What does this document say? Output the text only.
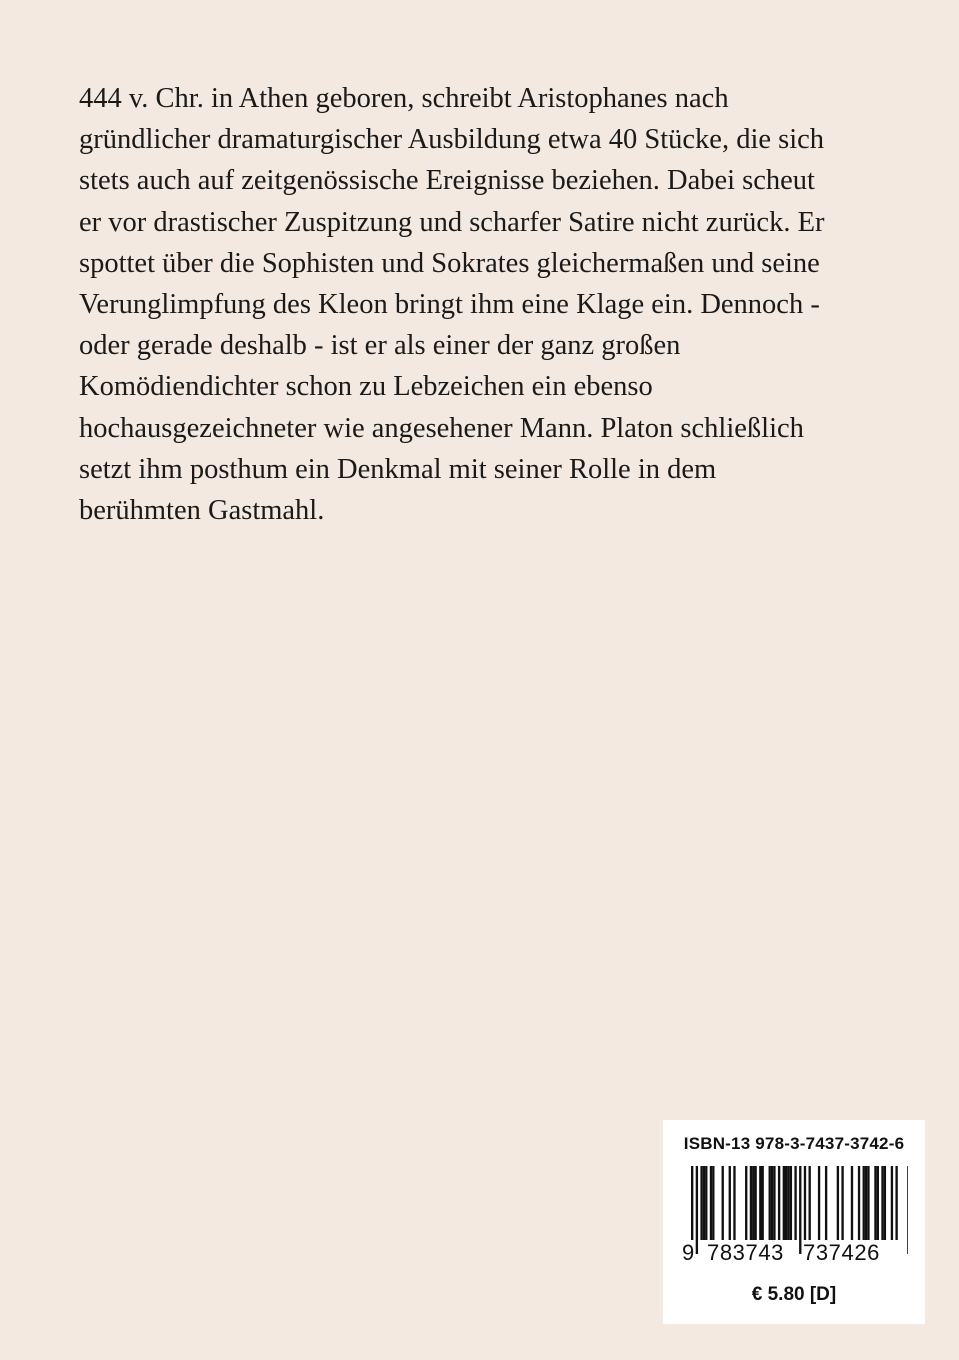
444 v. Chr. in Athen geboren, schreibt Aristophanes nach
gründlicher dramaturgischer Ausbildung etwa 40 Stücke, die sich
stets auch auf zeitgenössische Ereignisse beziehen. Dabei scheut
er vor drastischer Zuspitzung und scharfer Satire nicht zurück. Er
spottet über die Sophisten und Sokrates gleichermaßen und seine
Verunglimpfung des Kleon bringt ihm eine Klage ein. Dennoch -
oder gerade deshalb - ist er als einer der ganz großen
Komödiendichter schon zu Lebzeichen ein ebenso
hochausgezeichneter wie angesehener Mann. Platon schließlich
setzt ihm posthum ein Denkmal mit seiner Rolle in dem
berühmten Gastmahl.
ISBN-13 978-3-7437-3742-6
9 783743 737426
€ 5.80 [D]
